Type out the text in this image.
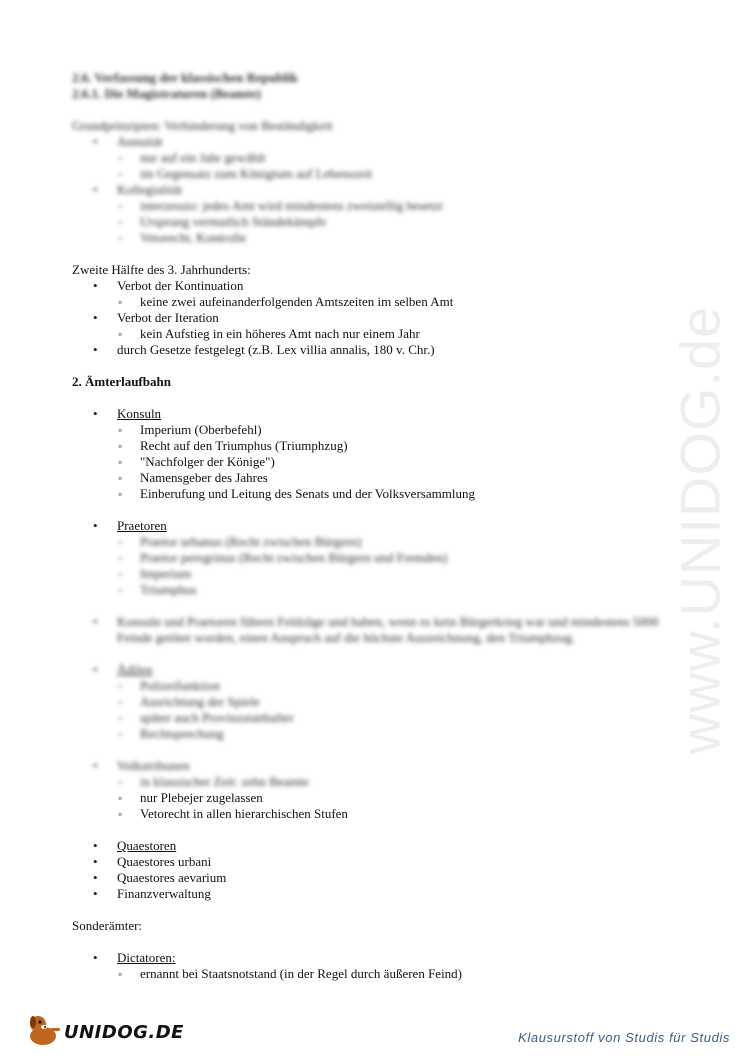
www.UNIDOG.de
2.6. Verfassung der klassischen Republik
2.6.1. Die Magistraturen (Beamte)
Grundprinzipien: Verhinderung von Beständigkeit
• Annuität
◦ nur auf ein Jahr gewählt
◦ im Gegensatz zum Königtum auf Lebenszeit
• Kollegialität
◦ interzessio: jedes Amt wird mindestens zweistellig besetzt
◦ Ursprung vermutlich Ständekämpfe
◦ Vetorecht, Kontrolle
Zweite Hälfte des 3. Jahrhunderts:
• Verbot der Kontinuation
◦ keine zwei aufeinanderfolgenden Amtszeiten im selben Amt
• Verbot der Iteration
◦ kein Aufstieg in ein höheres Amt nach nur einem Jahr
• durch Gesetze festgelegt (z.B. Lex villia annalis, 180 v. Chr.)
2. Ämterlaufbahn
• Konsuln
◦ Imperium (Oberbefehl)
◦ Recht auf den Triumphus (Triumphzug)
◦ "Nachfolger der Könige")
◦ Namensgeber des Jahres
◦ Einberufung und Leitung des Senats und der Volksversammlung
• Praetoren
◦ Praetor urbanus (Recht zwischen Bürgern)
◦ Praetor peregrinus (Recht zwischen Bürgern und Fremden)
◦ Imperium
◦ Triumphus
• Konsuln und Praetoren führen Feldzüge und haben, wenn es kein Bürgerkrieg war und mindestens 5000 Feinde getötet worden, einen Anspruch auf die höchste Auszeichnung, den Triumphzug.
• Ädilen
◦ Polizeifunktion
◦ Ausrichtung der Spiele
◦ später auch Provinzstatthalter
◦ Rechtsprechung
• Volkstribunen
◦ in klassischer Zeit: zehn Beamte
◦ nur Plebejer zugelassen
◦ Vetorecht in allen hierarchischen Stufen
• Quaestoren
• Quaestores urbani
• Quaestores aevarium
• Finanzverwaltung
Sonderämter:
• Dictatoren:
◦ ernannt bei Staatsnotstand (in der Regel durch äußeren Feind)
UNIDOG.DE	Klausurstoff von Studis für Studis
